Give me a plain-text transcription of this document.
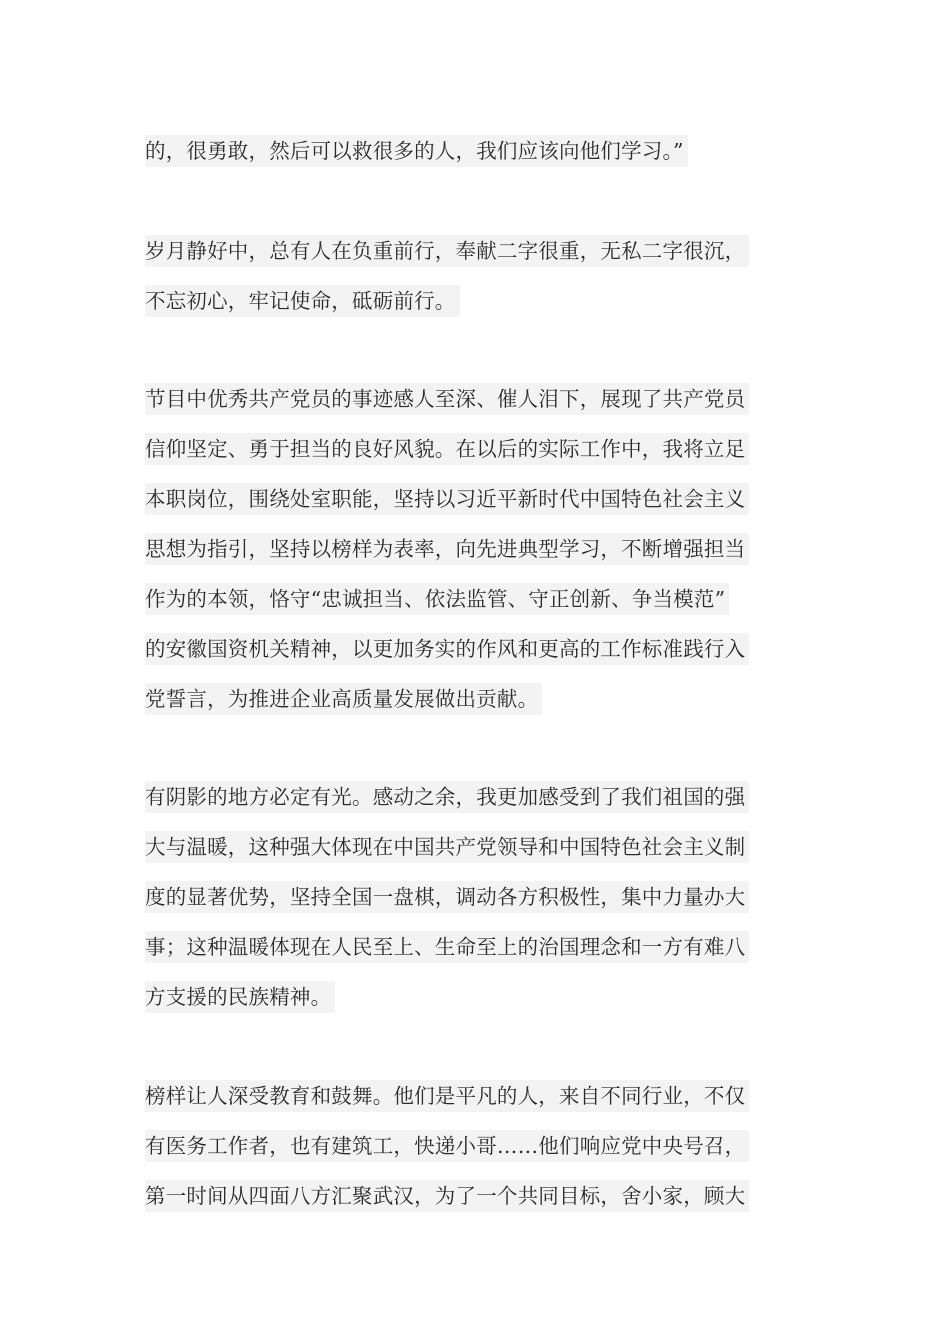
的，很勇敢，然后可以救很多的人，我们应该向他们学习。”
岁月静好中，总有人在负重前行，奉献二字很重，无私二字很沉，
不忘初心，牢记使命，砥砺前行。
节目中优秀共产党员的事迹感人至深、催人泪下，展现了共产党员
信仰坚定、勇于担当的良好风貌。在以后的实际工作中，我将立足
本职岗位，围绕处室职能，坚持以习近平新时代中国特色社会主义
思想为指引，坚持以榜样为表率，向先进典型学习，不断增强担当
作为的本领，恪守“忠诚担当、依法监管、守正创新、争当模范”
的安徽国资机关精神，以更加务实的作风和更高的工作标准践行入
党誓言，为推进企业高质量发展做出贡献。
有阴影的地方必定有光。感动之余，我更加感受到了我们祖国的强
大与温暖，这种强大体现在中国共产党领导和中国特色社会主义制
度的显著优势，坚持全国一盘棋，调动各方积极性，集中力量办大
事；这种温暖体现在人民至上、生命至上的治国理念和一方有难八
方支援的民族精神。
榜样让人深受教育和鼓舞。他们是平凡的人，来自不同行业，不仅
有医务工作者，也有建筑工，快递小哥……他们响应党中央号召，
第一时间从四面八方汇聚武汉，为了一个共同目标，舍小家，顾大
